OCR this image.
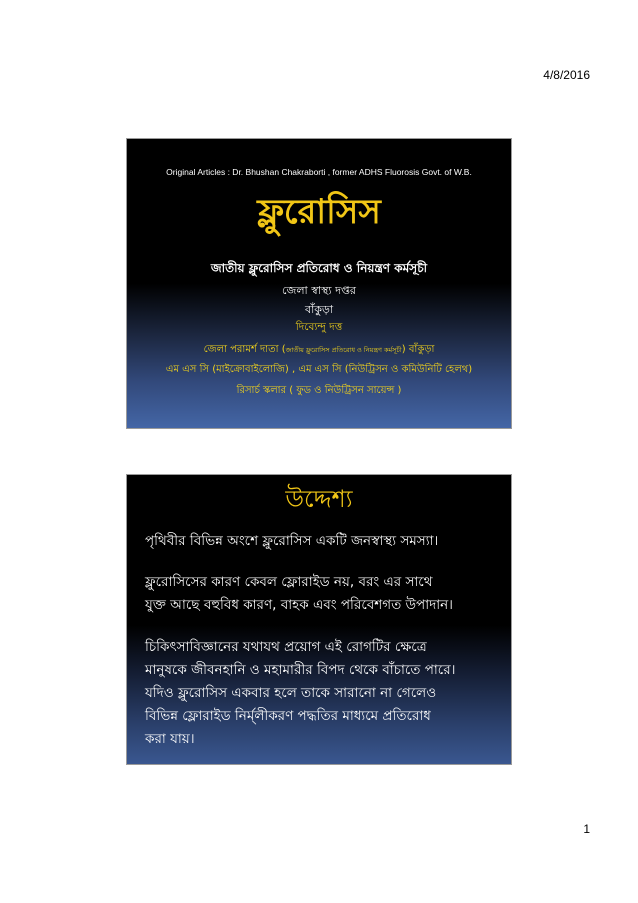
4/8/2016
Original Articles : Dr. Bhushan Chakraborti , former ADHS Fluorosis Govt. of W.B.
ফ্লুরোসিস
জাতীয় ফ্লুরোসিস প্রতিরোধ ও নিয়ন্ত্রণ কর্মসূচী
জেলা স্বাস্থ্য দপ্তর
বাঁকুড়া
দিব্যেন্দু দত্ত
জেলা পরামর্শ দাতা (জাতীয় ফ্লুরোসিস প্রতিরোধ ও নিয়ন্ত্রণ কর্মসূচী) বাঁকুড়া
এম এস সি (মাইক্রোবাইলোজি) , এম এস সি (নিউট্রিসন ও কমিউনিটি হেলথ)
রিসার্চ স্কলার ( ফুড ও নিউট্রিসন সায়েন্স )
উদ্দেশ্য

পৃথিবীর বিভিন্ন অংশে ফ্লুরোসিস একটি জনস্বাস্থ্য সমস্যা।

ফ্লুরোসিসের কারণ কেবল ফ্লোরাইড নয়, বরং এর সাথে
যুক্ত আছে বহুবিধ কারণ, বাহক এবং পরিবেশগত উপাদান।

চিকিৎসাবিজ্ঞানের যথাযথ প্রয়োগ এই রোগটির ক্ষেত্রে
মানুষকে জীবনহানি ও মহামারীর বিপদ থেকে বাঁচাতে পারে।
যদিও ফ্লুরোসিস একবার হলে তাকে সারানো না গেলেও
বিভিন্ন ফ্লোরাইড নির্ম্‌লীকরণ পদ্ধতির মাধ্যমে প্রতিরোধ
করা যায়।

1
